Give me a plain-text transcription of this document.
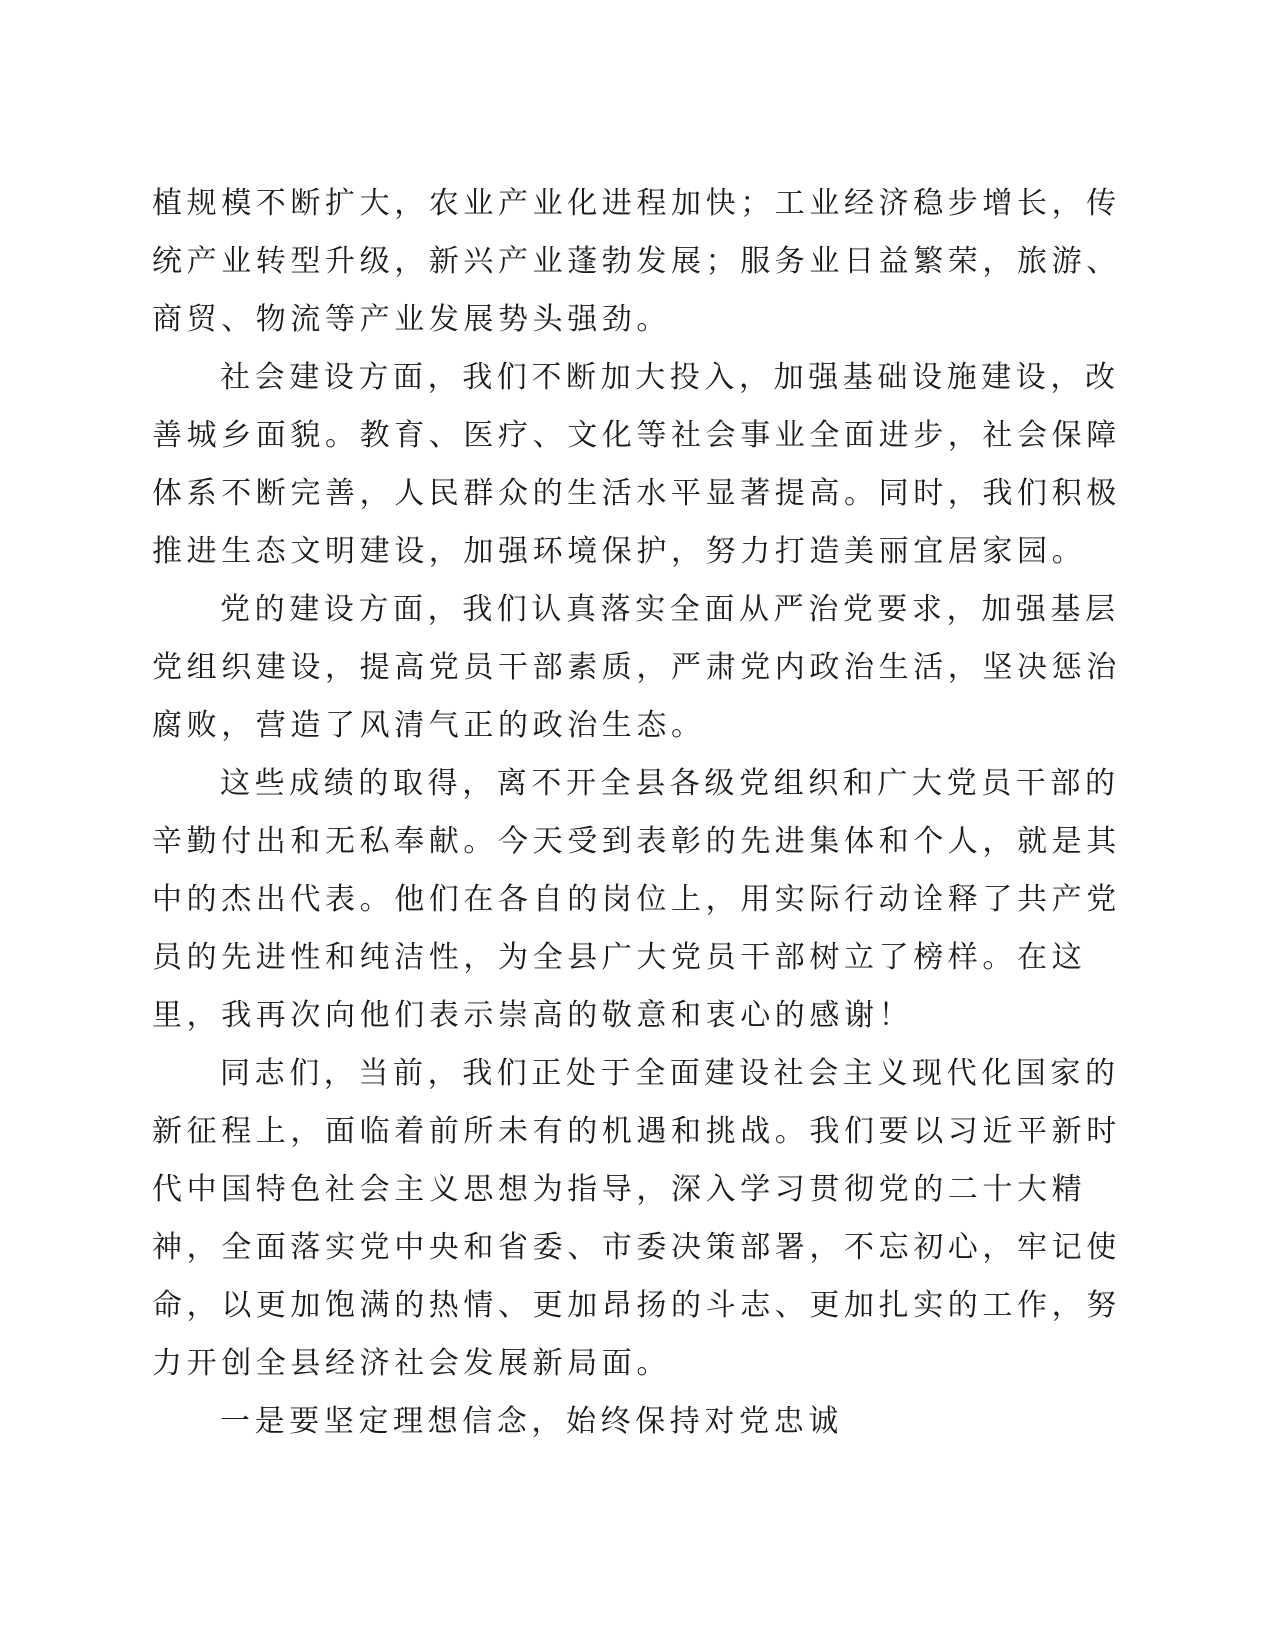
植规模不断扩大，农业产业化进程加快；工业经济稳步增长，传
统产业转型升级，新兴产业蓬勃发展；服务业日益繁荣，旅游、
商贸、物流等产业发展势头强劲。
社会建设方面，我们不断加大投入，加强基础设施建设，改
善城乡面貌。教育、医疗、文化等社会事业全面进步，社会保障
体系不断完善，人民群众的生活水平显著提高。同时，我们积极
推进生态文明建设，加强环境保护，努力打造美丽宜居家园。
党的建设方面，我们认真落实全面从严治党要求，加强基层
党组织建设，提高党员干部素质，严肃党内政治生活，坚决惩治
腐败，营造了风清气正的政治生态。
这些成绩的取得，离不开全县各级党组织和广大党员干部的
辛勤付出和无私奉献。今天受到表彰的先进集体和个人，就是其
中的杰出代表。他们在各自的岗位上，用实际行动诠释了共产党
员的先进性和纯洁性，为全县广大党员干部树立了榜样。在这
里，我再次向他们表示崇高的敬意和衷心的感谢！
同志们，当前，我们正处于全面建设社会主义现代化国家的
新征程上，面临着前所未有的机遇和挑战。我们要以习近平新时
代中国特色社会主义思想为指导，深入学习贯彻党的二十大精
神，全面落实党中央和省委、市委决策部署，不忘初心，牢记使
命，以更加饱满的热情、更加昂扬的斗志、更加扎实的工作，努
力开创全县经济社会发展新局面。
一是要坚定理想信念，始终保持对党忠诚
